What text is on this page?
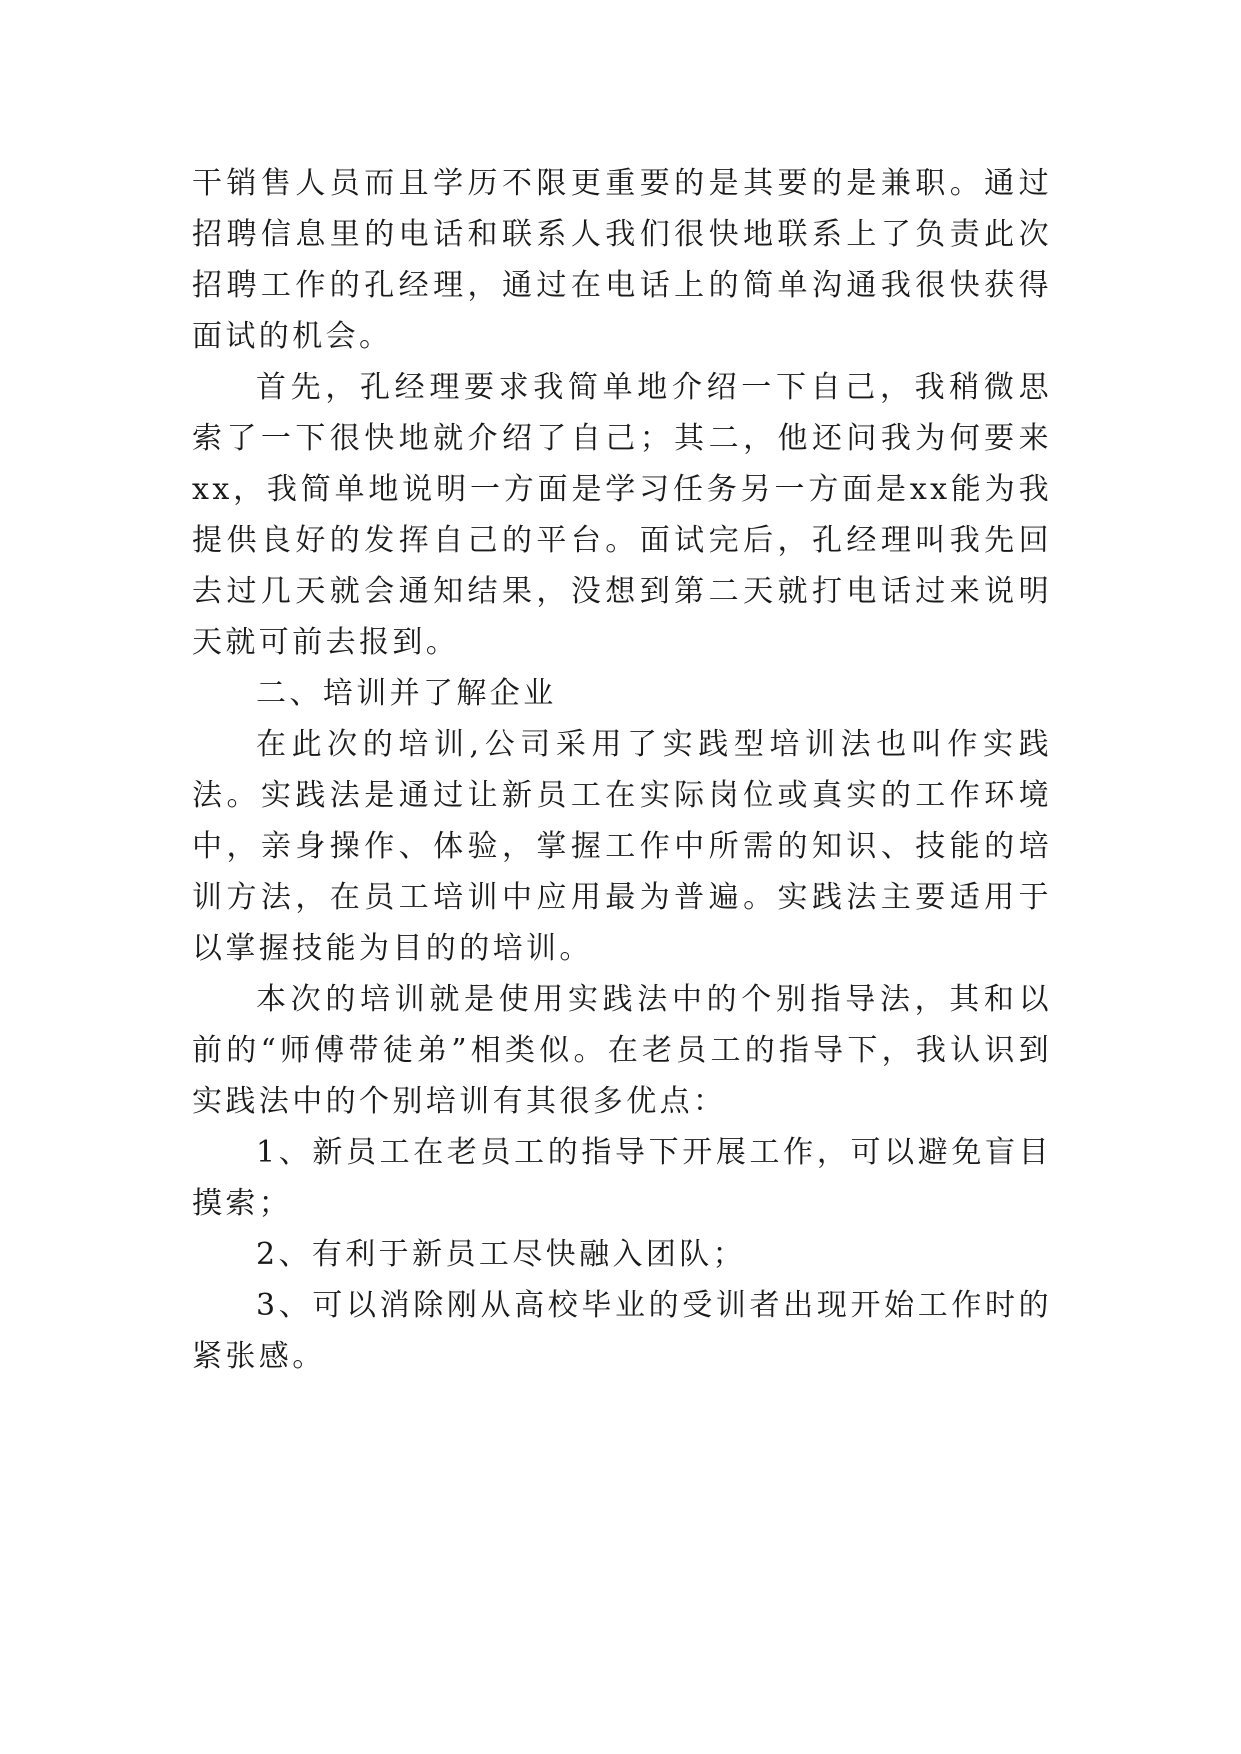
干销售人员而且学历不限更重要的是其要的是兼职。通过招聘信息里的电话和联系人我们很快地联系上了负责此次招聘工作的孔经理，通过在电话上的简单沟通我很快获得面试的机会。

首先，孔经理要求我简单地介绍一下自己，我稍微思索了一下很快地就介绍了自己；其二，他还问我为何要来xx，我简单地说明一方面是学习任务另一方面是xx能为我提供良好的发挥自己的平台。面试完后，孔经理叫我先回去过几天就会通知结果，没想到第二天就打电话过来说明天就可前去报到。

二、培训并了解企业

在此次的培训,公司采用了实践型培训法也叫作实践法。实践法是通过让新员工在实际岗位或真实的工作环境中，亲身操作、体验，掌握工作中所需的知识、技能的培训方法，在员工培训中应用最为普遍。实践法主要适用于以掌握技能为目的的培训。

本次的培训就是使用实践法中的个别指导法，其和以前的“师傅带徒弟”相类似。在老员工的指导下，我认识到实践法中的个别培训有其很多优点：

1、新员工在老员工的指导下开展工作，可以避免盲目摸索；

2、有利于新员工尽快融入团队；

3、可以消除刚从高校毕业的受训者出现开始工作时的紧张感。
